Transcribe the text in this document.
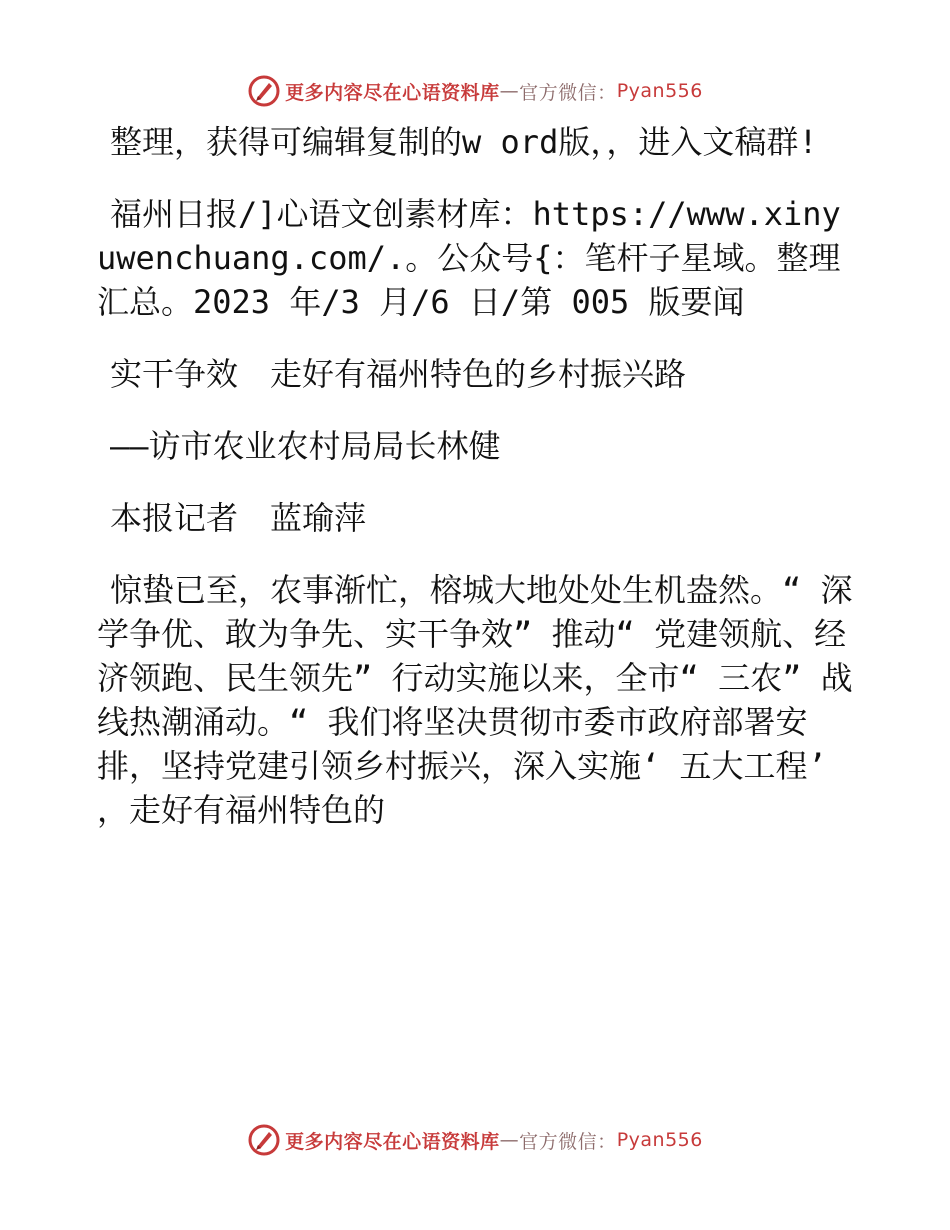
更多内容尽在心语资料库 — 官方微信： Pyan556

整理，获得可编辑复制的w ord版，，进入文稿群!

福州日报/]心语文创素材库：https://www.xinyuwenchuang.com/.。公众号{：笔杆子星域。整理汇总。2023 年/3 月/6 日/第 005 版要闻

实干争效　走好有福州特色的乡村振兴路

——访市农业农村局局长林健

本报记者　蓝瑜萍

惊蛰已至，农事渐忙，榕城大地处处生机盎然。“ 深学争优、敢为争先、实干争效” 推动“ 党建领航、经济领跑、民生领先” 行动实施以来，全市“ 三农” 战线热潮涌动。“ 我们将坚决贯彻市委市政府部署安排，坚持党建引领乡村振兴，深入实施‘ 五大工程’ ，走好有福州特色的

更多内容尽在心语资料库 — 官方微信： Pyan556
